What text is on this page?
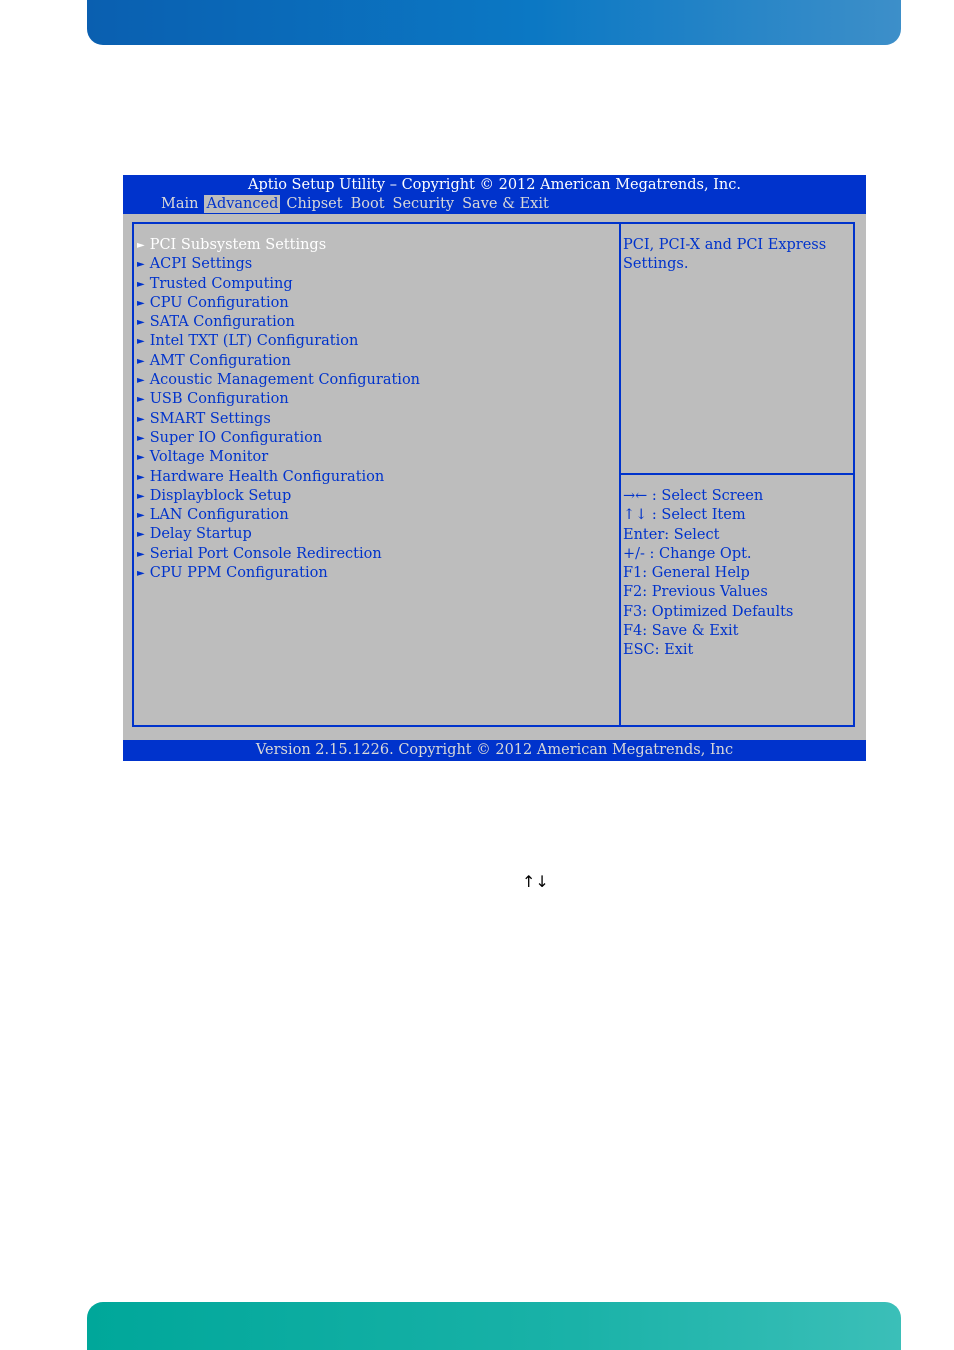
Aptio Setup Utility – Copyright © 2012 American Megatrends, Inc.
Main Advanced Chipset Boot Security Save & Exit
► PCI Subsystem Settings
► ACPI Settings
► Trusted Computing
► CPU Configuration
► SATA Configuration
► Intel TXT (LT) Configuration
► AMT Configuration
► Acoustic Management Configuration
► USB Configuration
► SMART Settings
► Super IO Configuration
► Voltage Monitor
► Hardware Health Configuration
► Displayblock Setup
► LAN Configuration
► Delay Startup
► Serial Port Console Redirection
► CPU PPM Configuration
PCI, PCI-X and PCI Express Settings.
→← : Select Screen
↑↓ : Select Item
Enter: Select
+/- : Change Opt.
F1: General Help
F2: Previous Values
F3: Optimized Defaults
F4: Save & Exit
ESC: Exit
Version 2.15.1226. Copyright © 2012 American Megatrends, Inc
↑↓
